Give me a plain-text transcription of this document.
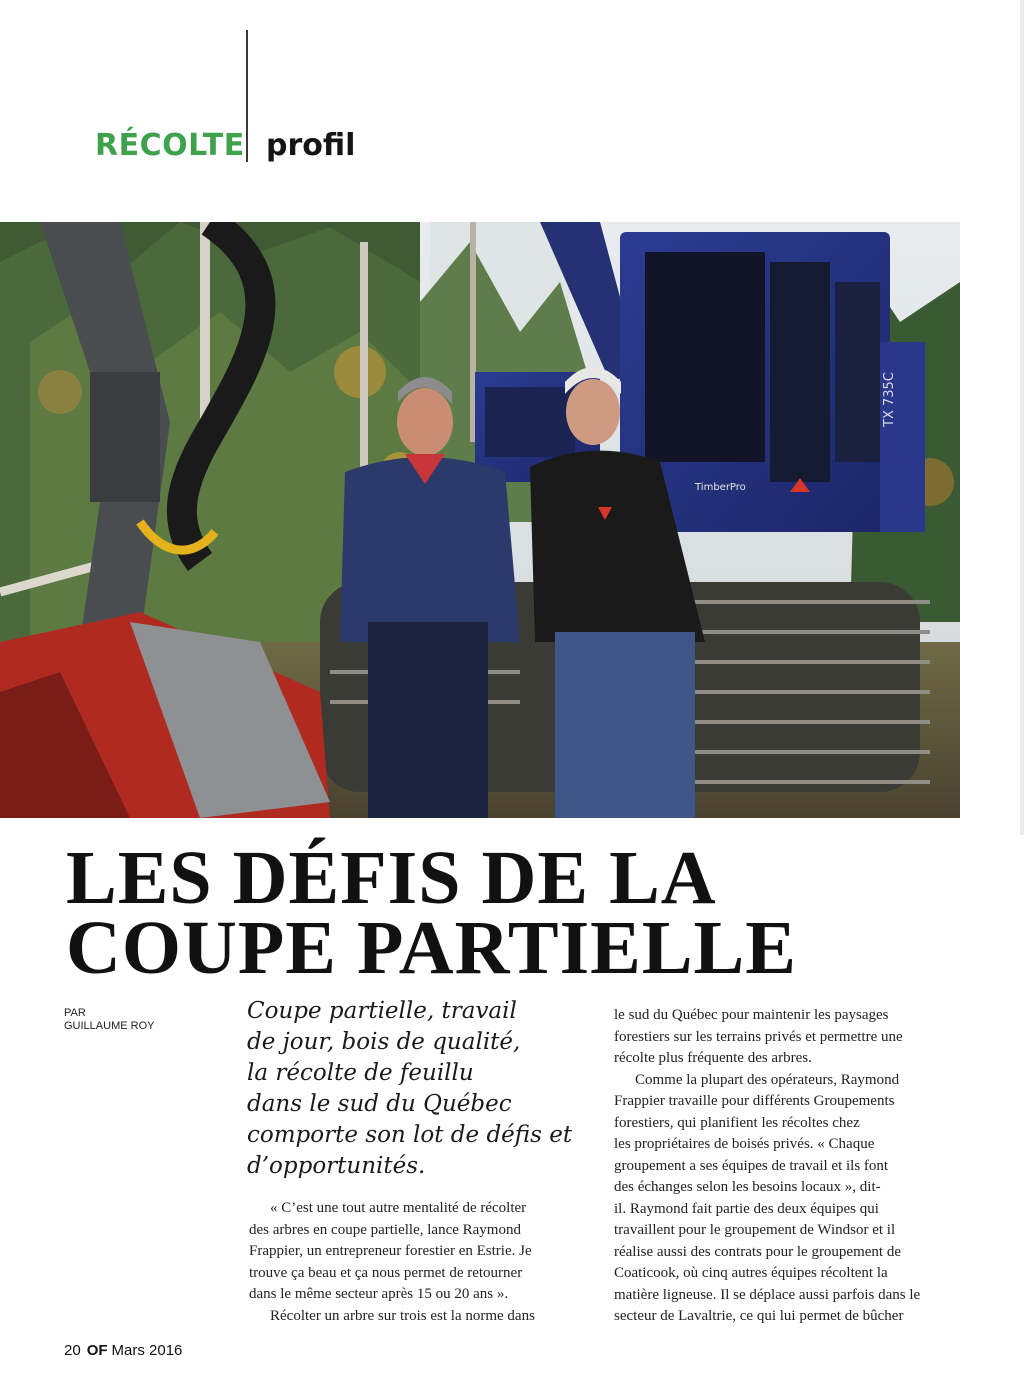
RÉCOLTE profil
TX 735C
TimberPro
LES DÉFIS DE LA
COUPE PARTIELLE
PAR
GUILLAUME ROY
Coupe partielle, travail
de jour, bois de qualité,
la récolte de feuillu
dans le sud du Québec
comporte son lot de défis et
d’opportunités.
« C’est une tout autre mentalité de récolter
des arbres en coupe partielle, lance Raymond
Frappier, un entrepreneur forestier en Estrie. Je
trouve ça beau et ça nous permet de retourner
dans le même secteur après 15 ou 20 ans ».
Récolter un arbre sur trois est la norme dans
le sud du Québec pour maintenir les paysages
forestiers sur les terrains privés et permettre une
récolte plus fréquente des arbres.
Comme la plupart des opérateurs, Raymond
Frappier travaille pour différents Groupements
forestiers, qui planifient les récoltes chez
les propriétaires de boisés privés. « Chaque
groupement a ses équipes de travail et ils font
des échanges selon les besoins locaux », dit-
il. Raymond fait partie des deux équipes qui
travaillent pour le groupement de Windsor et il
réalise aussi des contrats pour le groupement de
Coaticook, où cinq autres équipes récoltent la
matière ligneuse. Il se déplace aussi parfois dans le
secteur de Lavaltrie, ce qui lui permet de bûcher
20 OF Mars 2016
